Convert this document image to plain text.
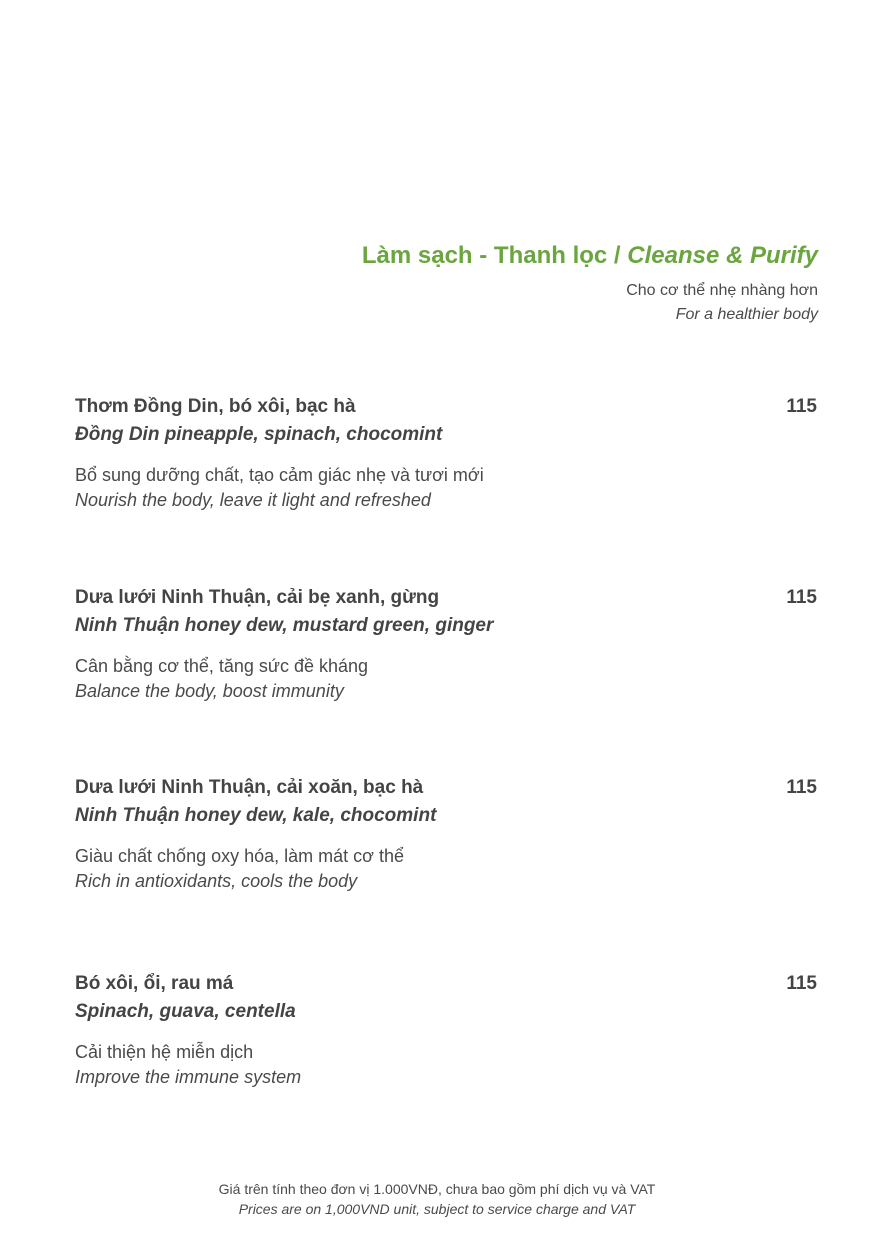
Làm sạch - Thanh lọc / Cleanse & Purify
Cho cơ thể nhẹ nhàng hơn
For a healthier body
Thơm Đồng Din, bó xôi, bạc hà
Đồng Din pineapple, spinach, chocomint
115
Bổ sung dưỡng chất, tạo cảm giác nhẹ và tươi mới
Nourish the body, leave it light and refreshed
Dưa lưới Ninh Thuận, cải bẹ xanh, gừng
Ninh Thuận honey dew, mustard green, ginger
115
Cân bằng cơ thể, tăng sức đề kháng
Balance the body, boost immunity
Dưa lưới Ninh Thuận, cải xoăn, bạc hà
Ninh Thuận honey dew, kale, chocomint
115
Giàu chất chống oxy hóa, làm mát cơ thể
Rich in antioxidants, cools the body
Bó xôi, ổi, rau má
Spinach, guava, centella
115
Cải thiện hệ miễn dịch
Improve the immune system
Giá trên tính theo đơn vị 1.000VNĐ, chưa bao gồm phí dịch vụ và VAT
Prices are on 1,000VND unit, subject to service charge and VAT
